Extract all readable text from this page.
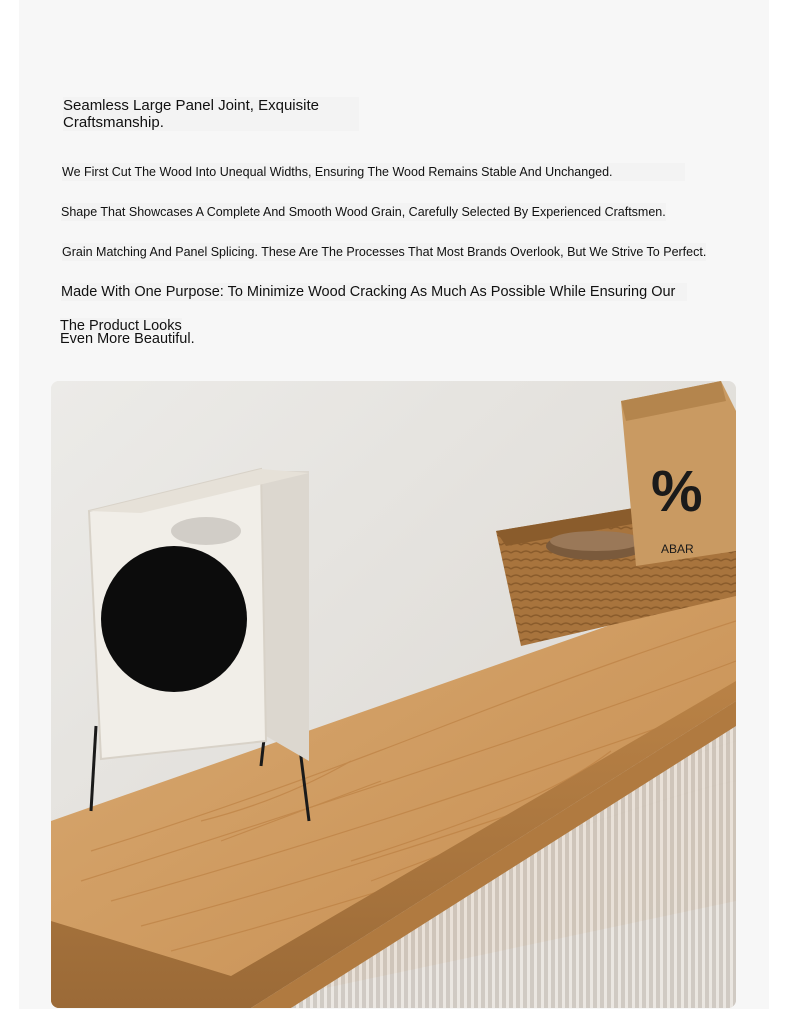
Seamless Large Panel Joint, Exquisite
Craftsmanship.
We First Cut The Wood Into Unequal Widths, Ensuring The Wood Remains Stable And Unchanged.
Shape That Showcases A Complete And Smooth Wood Grain, Carefully Selected By Experienced Craftsmen.
Grain Matching And Panel Splicing. These Are The Processes That Most Brands Overlook, But We Strive To Perfect.
Made With One Purpose: To Minimize Wood Cracking As Much As Possible While Ensuring Our
The Product Looks
Even More Beautiful.
%
ABAR
